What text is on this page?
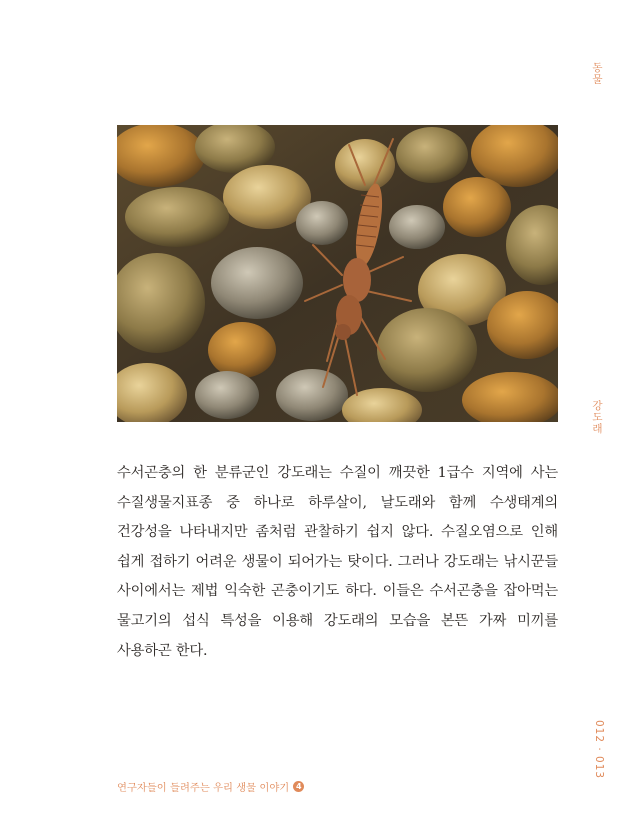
수서곤충의 한 분류군인 강도래는 수질이 깨끗한 1급수 지역에 사는 수질생물지표종 중 하나로 하루살이, 날도래와 함께 수생태계의 건강성을 나타내지만 좀처럼 관찰하기 쉽지 않다. 수질오염으로 인해 쉽게 접하기 어려운 생물이 되어가는 탓이다. 그러나 강도래는 낚시꾼들 사이에서는 제법 익숙한 곤충이기도 하다. 이들은 수서곤충을 잡아먹는 물고기의 섭식 특성을 이용해 강도래의 모습을 본뜬 가짜 미끼를 사용하곤 한다.

동물
강도래
012 · 013
연구자들이 들려주는 우리 생물 이야기 4
